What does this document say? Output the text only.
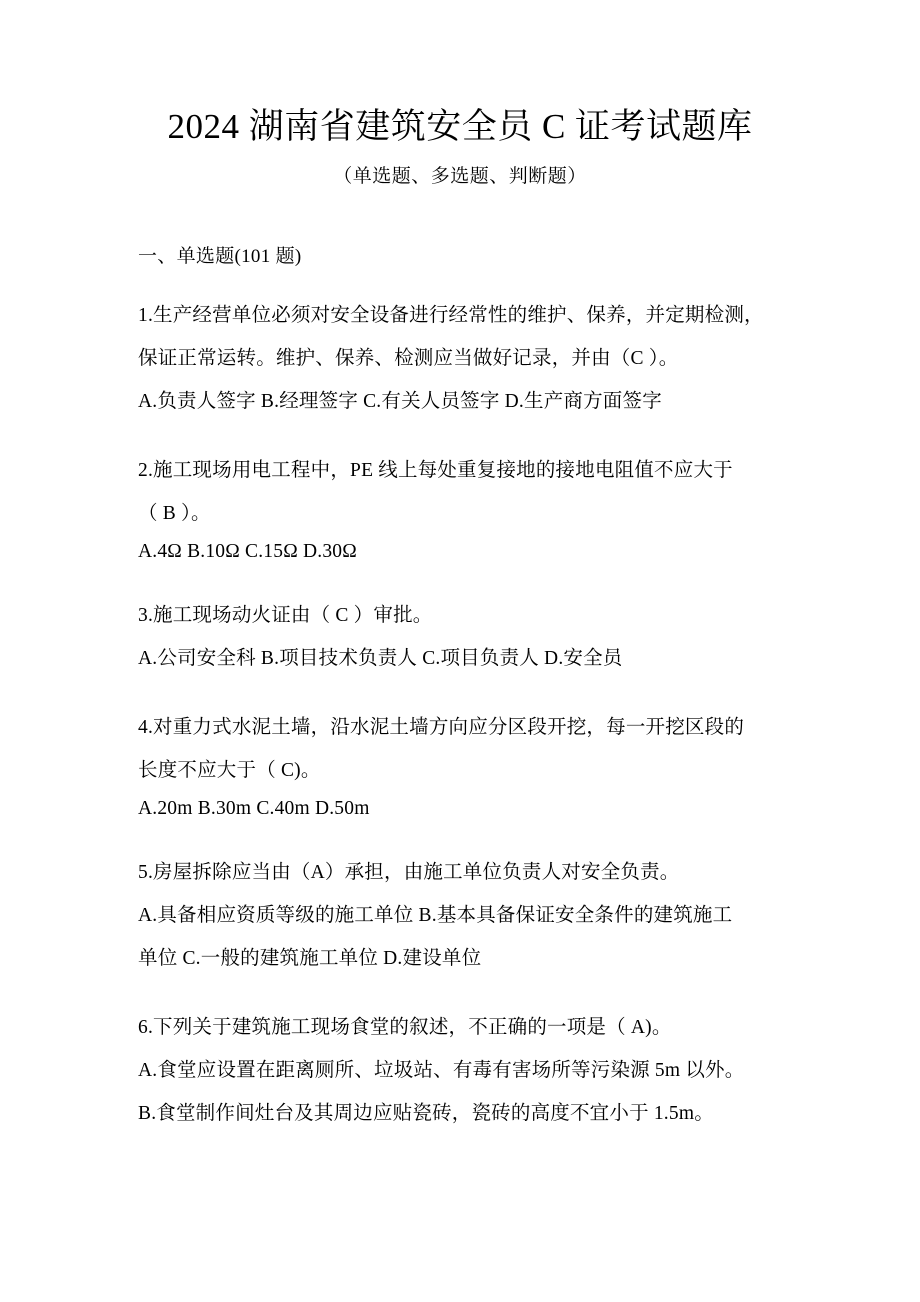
2024 湖南省建筑安全员 C 证考试题库

（单选题、多选题、判断题）

一、单选题(101 题)

1.生产经营单位必须对安全设备进行经常性的维护、保养，并定期检测，
保证正常运转。维护、保养、检测应当做好记录，并由（C ）。
A.负责人签字 B.经理签字 C.有关人员签字 D.生产商方面签字
2.施工现场用电工程中，PE 线上每处重复接地的接地电阻值不应大于
（ B ）。
A.4Ω B.10Ω C.15Ω D.30Ω
3.施工现场动火证由（ C ）审批。
A.公司安全科 B.项目技术负责人 C.项目负责人 D.安全员
4.对重力式水泥土墙，沿水泥土墙方向应分区段开挖，每一开挖区段的
长度不应大于（ C)。
A.20m B.30m C.40m D.50m
5.房屋拆除应当由（A）承担，由施工单位负责人对安全负责。
A.具备相应资质等级的施工单位 B.基本具备保证安全条件的建筑施工
单位 C.一般的建筑施工单位 D.建设单位
6.下列关于建筑施工现场食堂的叙述，不正确的一项是（ A)。
A.食堂应设置在距离厕所、垃圾站、有毒有害场所等污染源 5m 以外。
B.食堂制作间灶台及其周边应贴瓷砖，瓷砖的高度不宜小于 1.5m。
